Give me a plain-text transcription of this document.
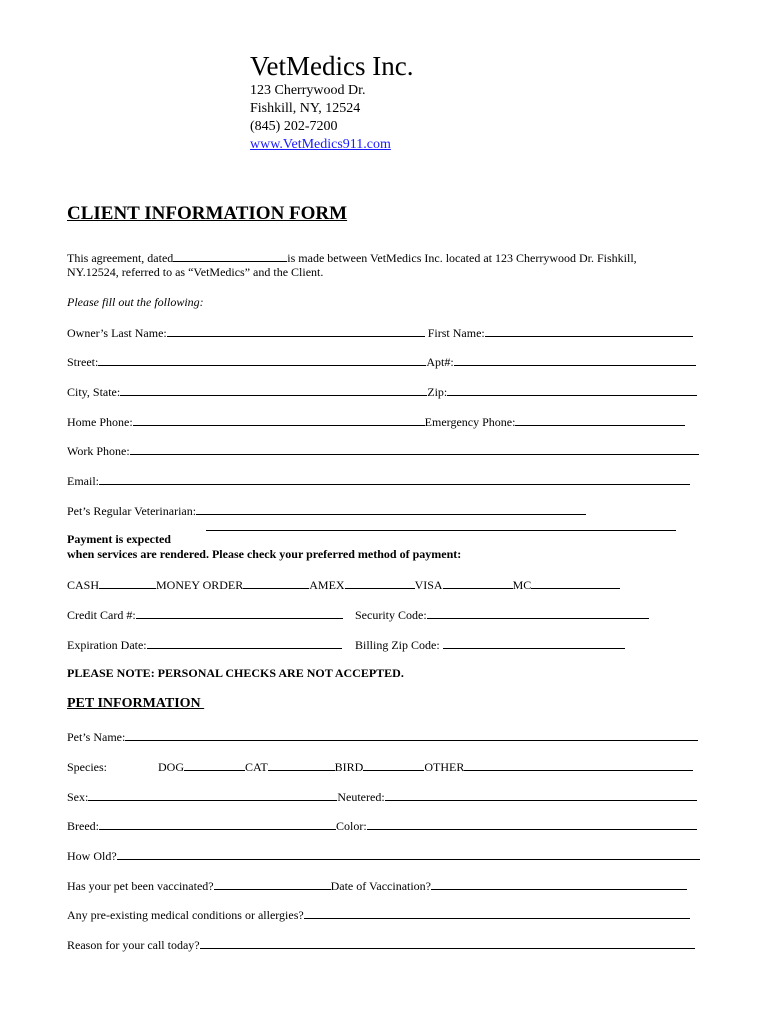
VetMedics Inc.
123 Cherrywood Dr.
Fishkill, NY, 12524
(845) 202-7200
www.VetMedics911.com
CLIENT INFORMATION FORM
This agreement, dated	is made between VetMedics Inc. located at 123 Cherrywood Dr. Fishkill,
NY.12524, referred to as “VetMedics” and the Client.
Please fill out the following:
Owner’s Last Name:	First Name:
Street:	Apt#:
City, State:	Zip:
Home Phone:	Emergency Phone:
Work Phone:
Email:
Pet’s Regular Veterinarian:
Payment is expected
when services are rendered. Please check your preferred method of payment:
CASH	MONEY ORDER	AMEX	VISA	MC
Credit Card #:	Security Code:
Expiration Date:	Billing Zip Code:
PLEASE NOTE: PERSONAL CHECKS ARE NOT ACCEPTED.
PET INFORMATION
Pet’s Name:
Species:	DOG	CAT	BIRD	OTHER
Sex:	Neutered:
Breed:	Color:
How Old?
Has your pet been vaccinated?	Date of Vaccination?
Any pre-existing medical conditions or allergies?
Reason for your call today?
